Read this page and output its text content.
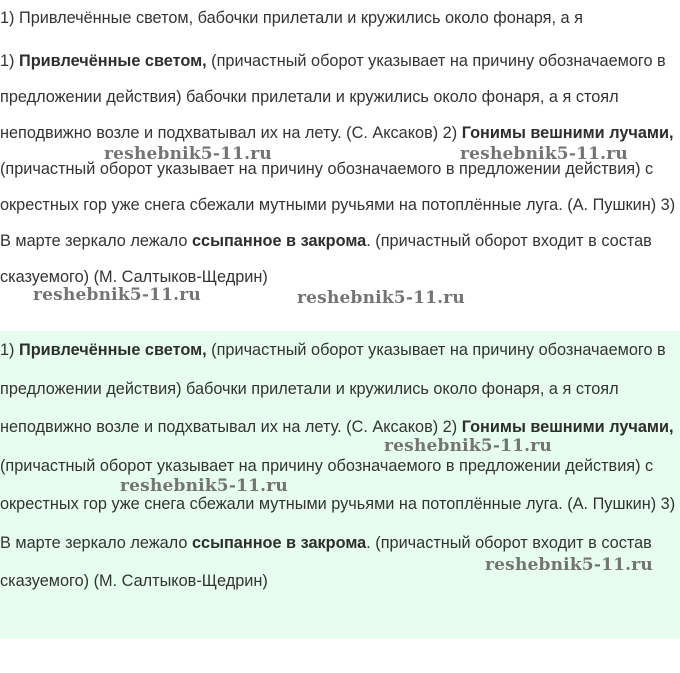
1) Привлечённые светом, бабочки прилетали и кружились около фонаря, а я

1) Привлечённые светом, (причастный оборот указывает на причину обозначаемого в предложении действия) бабочки прилетали и кружились около фонаря, а я стоял неподвижно возле и подхватывал их на лету. (С. Аксаков) 2) Гонимы вешними лучами, (причастный оборот указывает на причину обозначаемого в предложении действия) с окрестных гор уже снега сбежали мутными ручьями на потоплённые луга. (А. Пушкин) 3) В марте зеркало лежало ссыпанное в закрома. (причастный оборот входит в состав сказуемого) (М. Салтыков-Щедрин)

1) Привлечённые светом, (причастный оборот указывает на причину обозначаемого в предложении действия) бабочки прилетали и кружились около фонаря, а я стоял неподвижно возле и подхватывал их на лету. (С. Аксаков) 2) Гонимы вешними лучами, (причастный оборот указывает на причину обозначаемого в предложении действия) с окрестных гор уже снега сбежали мутными ручьями на потоплённые луга. (А. Пушкин) 3) В марте зеркало лежало ссыпанное в закрома. (причастный оборот входит в состав сказуемого) (М. Салтыков-Щедрин)

reshebnik5-11.ru	reshebnik5-11.ru
reshebnik5-11.ru	reshebnik5-11.ru
reshebnik5-11.ru
reshebnik5-11.ru
reshebnik5-11.ru
